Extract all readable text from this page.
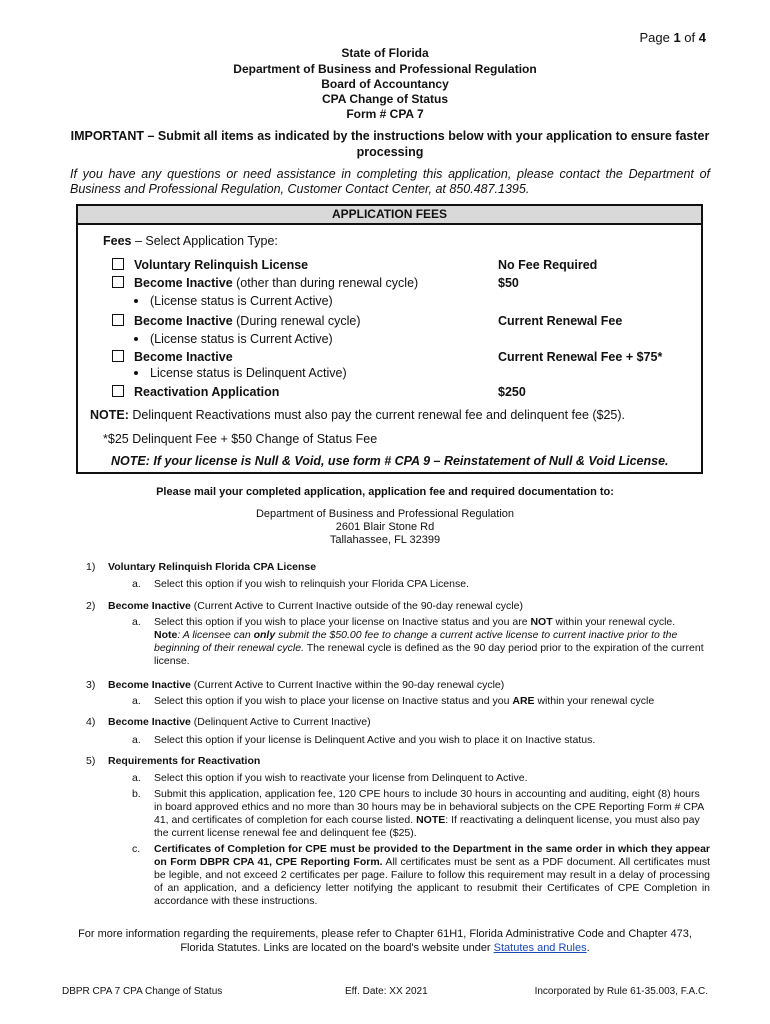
Page 1 of 4
State of Florida
Department of Business and Professional Regulation
Board of Accountancy
CPA Change of Status
Form # CPA 7
IMPORTANT – Submit all items as indicated by the instructions below with your application to ensure faster processing
If you have any questions or need assistance in completing this application, please contact the Department of Business and Professional Regulation, Customer Contact Center, at 850.487.1395.
APPLICATION FEES
Fees – Select Application Type:
Voluntary Relinquish License	No Fee Required
Become Inactive (other than during renewal cycle)	$50
(License status is Current Active)
Become Inactive (During renewal cycle)	Current Renewal Fee
(License status is Current Active)
Become Inactive	Current Renewal Fee + $75*
License status is Delinquent Active)
Reactivation Application	$250
NOTE: Delinquent Reactivations must also pay the current renewal fee and delinquent fee ($25).
*$25 Delinquent Fee + $50 Change of Status Fee
NOTE: If your license is Null & Void, use form # CPA 9 – Reinstatement of Null & Void License.
Please mail your completed application, application fee and required documentation to:
Department of Business and Professional Regulation
2601 Blair Stone Rd
Tallahassee, FL 32399
1) Voluntary Relinquish Florida CPA License
a. Select this option if you wish to relinquish your Florida CPA License.
2) Become Inactive (Current Active to Current Inactive outside of the 90-day renewal cycle)
a. Select this option if you wish to place your license on Inactive status and you are NOT within your renewal cycle.
Note: A licensee can only submit the $50.00 fee to change a current active license to current inactive prior to the beginning of their renewal cycle. The renewal cycle is defined as the 90 day period prior to the expiration of the current license.
3) Become Inactive (Current Active to Current Inactive within the 90-day renewal cycle)
a. Select this option if you wish to place your license on Inactive status and you ARE within your renewal cycle
4) Become Inactive (Delinquent Active to Current Inactive)
a. Select this option if your license is Delinquent Active and you wish to place it on Inactive status.
5) Requirements for Reactivation
a. Select this option if you wish to reactivate your license from Delinquent to Active.
b. Submit this application, application fee, 120 CPE hours to include 30 hours in accounting and auditing, eight (8) hours in board approved ethics and no more than 30 hours may be in behavioral subjects on the CPE Reporting Form # CPA 41, and certificates of completion for each course listed. NOTE: If reactivating a delinquent license, you must also pay the current license renewal fee and delinquent fee ($25).
c. Certificates of Completion for CPE must be provided to the Department in the same order in which they appear on Form DBPR CPA 41, CPE Reporting Form. All certificates must be sent as a PDF document. All certificates must be legible, and not exceed 2 certificates per page. Failure to follow this requirement may result in a delay of processing of an application, and a deficiency letter notifying the applicant to resubmit their Certificates of CPE Completion in accordance with these instructions.
For more information regarding the requirements, please refer to Chapter 61H1, Florida Administrative Code and Chapter 473, Florida Statutes. Links are located on the board's website under Statutes and Rules.
DBPR CPA 7 CPA Change of Status	Eff. Date: XX 2021	Incorporated by Rule 61-35.003, F.A.C.
